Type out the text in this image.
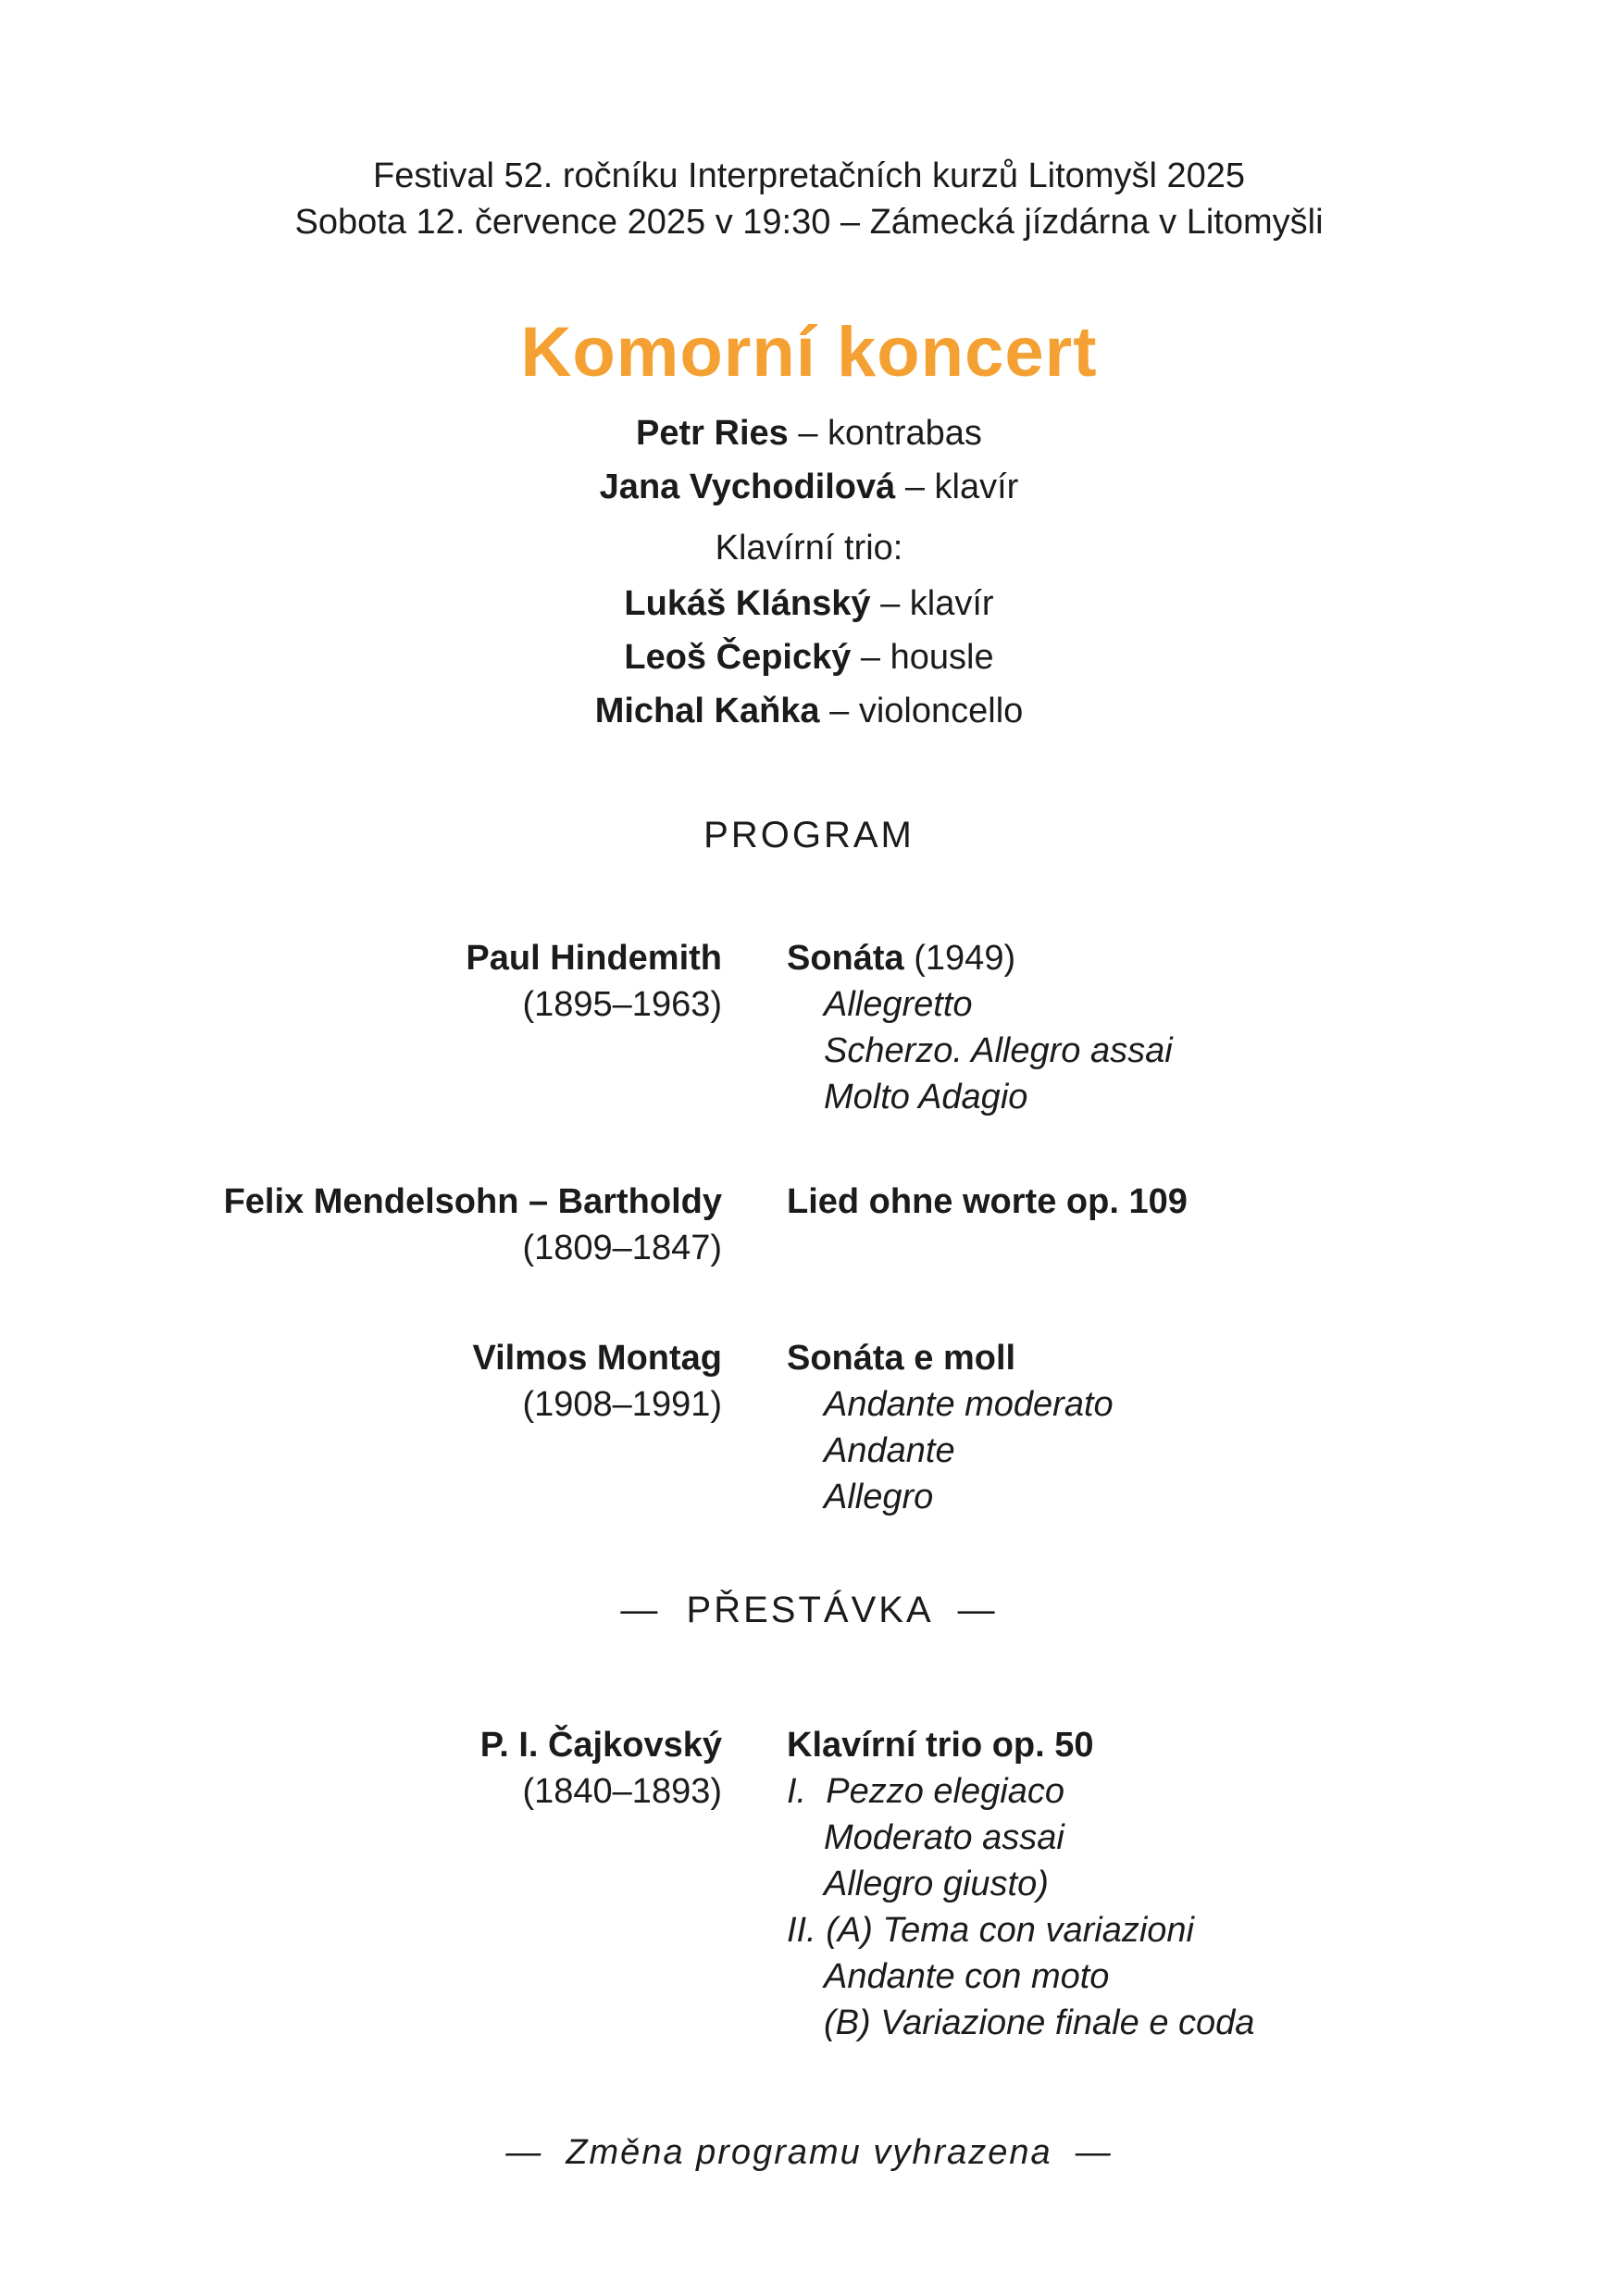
Festival 52. ročníku Interpretačních kurzů Litomyšl 2025
Sobota 12. července 2025 v 19:30 – Zámecká jízdárna v Litomyšli
Komorní koncert
Petr Ries – kontrabas
Jana Vychodilová – klavír
Klavírní trio:
Lukáš Klánský – klavír
Leoš Čepický – housle
Michal Kaňka – violoncello
PROGRAM
Paul Hindemith
(1895–1963)
Sonáta (1949)
Allegretto
Scherzo. Allegro assai
Molto Adagio
Felix Mendelsohn – Bartholdy
(1809–1847)
Lied ohne worte op. 109
Vilmos Montag
(1908–1991)
Sonáta e moll
Andante moderato
Andante
Allegro
P. I. Čajkovský
(1840–1893)
Klavírní trio op. 50
I.  Pezzo elegiaco
Moderato assai
Allegro giusto)
II. (A) Tema con variazioni
Andante con moto
(B) Variazione finale e coda
—  PŘESTÁVKA  —
—  Změna programu vyhrazena  —
